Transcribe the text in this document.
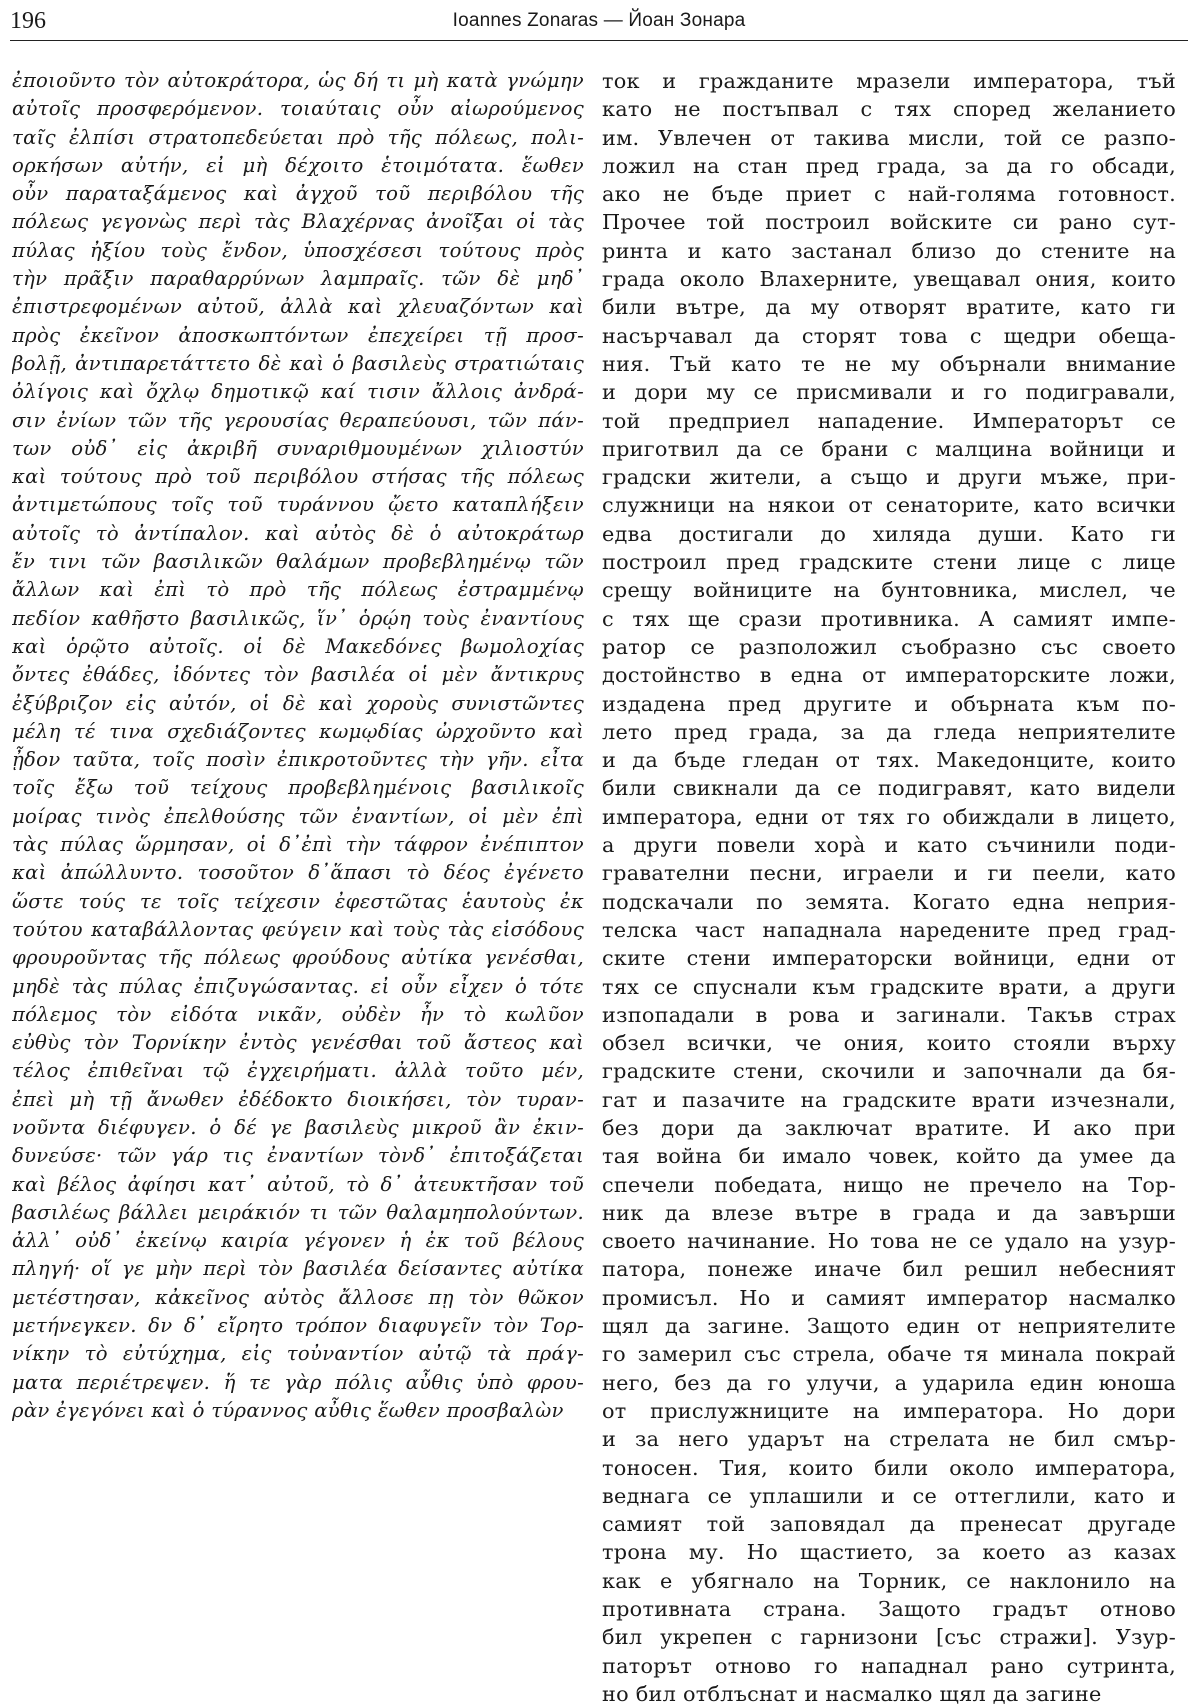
196	Ioannes Zonaras — Йоан Зонара
ἐποιοῦντο τὸν αὐτοκράτορα, ὡς δή τι μὴ κατὰ γνώμην
αὐτοῖς προσφερόμενον. τοιαύταις οὖν αἰωρούμενος
ταῖς ἐλπίσι στρατοπεδεύεται πρὸ τῆς πόλεως, πολι-
ορκήσων αὐτήν, εἰ μὴ δέχοιτο ἑτοιμότατα. ἕωθεν
οὖν παραταξάμενος καὶ ἀγχοῦ τοῦ περιβόλου τῆς
πόλεως γεγονὼς περὶ τὰς Βλαχέρνας ἀνοῖξαι οἱ τὰς
πύλας ἠξίου τοὺς ἔνδον, ὑποσχέσεσι τούτους πρὸς
τὴν πρᾶξιν παραθαρρύνων λαμπραῖς. τῶν δὲ μηδ᾿
ἐπιστρεφομένων αὐτοῦ, ἀλλὰ καὶ χλευαζόντων καὶ
πρὸς ἐκεῖνον ἀποσκωπτόντων ἐπεχείρει τῇ προσ-
βολῇ, ἀντιπαρετάττετο δὲ καὶ ὁ βασιλεὺς στρατιώταις
ὀλίγοις καὶ ὄχλῳ δημοτικῷ καί τισιν ἄλλοις ἀνδρά-
σιν ἐνίων τῶν τῆς γερουσίας θεραπεύουσι, τῶν πάν-
των οὐδ᾿ εἰς ἀκριβῆ συναριθμουμένων χιλιοστύν
καὶ τούτους πρὸ τοῦ περιβόλου στήσας τῆς πόλεως
ἀντιμετώπους τοῖς τοῦ τυράννου ᾤετο καταπλήξειν
αὐτοῖς τὸ ἀντίπαλον. καὶ αὐτὸς δὲ ὁ αὐτοκράτωρ
ἔν τινι τῶν βασιλικῶν θαλάμων προβεβλημένῳ τῶν
ἄλλων καὶ ἐπὶ τὸ πρὸ τῆς πόλεως ἐστραμμένῳ
πεδίον καθῆστο βασιλικῶς, ἵν᾿ ὁρῴη τοὺς ἐναντίους
καὶ ὁρῷτο αὐτοῖς. οἱ δὲ Μακεδόνες βωμολοχίας
ὄντες ἐθάδες, ἰδόντες τὸν βασιλέα οἱ μὲν ἄντικρυς
ἐξύβριζον εἰς αὐτόν, οἱ δὲ καὶ χοροὺς συνιστῶντες
μέλη τέ τινα σχεδιάζοντες κωμῳδίας ὠρχοῦντο καὶ
ᾖδον ταῦτα, τοῖς ποσὶν ἐπικροτοῦντες τὴν γῆν. εἶτα
τοῖς ἔξω τοῦ τείχους προβεβλημένοις βασιλικοῖς
μοίρας τινὸς ἐπελθούσης τῶν ἐναντίων, οἱ μὲν ἐπὶ
τὰς πύλας ὥρμησαν, οἱ δ᾿ἐπὶ τὴν τάφρον ἐνέπιπτον
καὶ ἀπώλλυντο. τοσοῦτον δ᾿ἅπασι τὸ δέος ἐγένετο
ὥστε τούς τε τοῖς τείχεσιν ἐφεστῶτας ἑαυτοὺς ἐκ
τούτου καταβάλλοντας φεύγειν καὶ τοὺς τὰς εἰσόδους
φρουροῦντας τῆς πόλεως φρούδους αὐτίκα γενέσθαι,
μηδὲ τὰς πύλας ἐπιζυγώσαντας. εἰ οὖν εἶχεν ὁ τότε
πόλεμος τὸν εἰδότα νικᾶν, οὐδὲν ἦν τὸ κωλῦον
εὐθὺς τὸν Τορνίκην ἐντὸς γενέσθαι τοῦ ἄστεος καὶ
τέλος ἐπιθεῖναι τῷ ἐγχειρήματι. ἀλλὰ τοῦτο μέν,
ἐπεὶ μὴ τῇ ἄνωθεν ἐδέδοκτο διοικήσει, τὸν τυραν-
νοῦντα διέφυγεν. ὁ δέ γε βασιλεὺς μικροῦ ἂν ἐκιν-
δυνεύσε· τῶν γάρ τις ἐναντίων τὸνδ᾿ ἐπιτοξάζεται
καὶ βέλος ἀφίησι κατ᾿ αὐτοῦ, τὸ δ᾿ ἀτευκτῆσαν τοῦ
βασιλέως βάλλει μειράκιόν τι τῶν θαλαμηπολούντων.
ἀλλ᾿ οὐδ᾿ ἐκείνῳ καιρία γέγονεν ἡ ἐκ τοῦ βέλους
πληγή· οἵ γε μὴν περὶ τὸν βασιλέα δείσαντες αὐτίκα
μετέστησαν, κἀκεῖνος αὐτὸς ἄλλοσε πῃ τὸν θῶκον
μετήνεγκεν. δν δ᾿ εἴρητο τρόπον διαφυγεῖν τὸν Τορ-
νίκην τὸ εὐτύχημα, εἰς τοὐναντίον αὐτῷ τὰ πράγ-
ματα περιέτρεψεν. ἥ τε γὰρ πόλις αὖθις ὑπὸ φρου-
ρὰν ἐγεγόνει καὶ ὁ τύραννος αὖθις ἕωθεν προσβαλὼν
ток и гражданите мразели императора, тъй
като не постъпвал с тях според желанието
им. Увлечен от такива мисли, той се разпо-
ложил на стан пред града, за да го обсади,
ако не бъде приет с най-голяма готовност.
Прочее той построил войските си рано сут-
ринта и като застанал близо до стените на
града около Влахерните, увещавал ония, които
били вътре, да му отворят вратите, като ги
насърчавал да сторят това с щедри обеща-
ния. Тъй като те не му обърнали внимание
и дори му се присмивали и го подигравали,
той предприел нападение. Императорът се
приготвил да се брани с малцина войници и
градски жители, а също и други мъже, при-
служници на някои от сенаторите, като всички
едва достигали до хиляда души. Като ги
построил пред градските стени лице с лице
срещу войниците на бунтовника, мислел, че
с тях ще срази противника. А самият импе-
ратор се разположил съобразно със своето
достойнство в една от императорските ложи,
издадена пред другите и обърната към по-
лето пред града, за да гледа неприятелите
и да бъде гледан от тях. Македонците, които
били свикнали да се подигравят, като видели
императора, едни от тях го обиждали в лицето,
а други повели хорà и като съчинили поди-
гравателни песни, играели и ги пеели, като
подскачали по земята. Когато една неприя-
телска част нападнала наредените пред град-
ските стени императорски войници, едни от
тях се спуснали към градските врати, а други
изпопадали в рова и загинали. Такъв страх
обзел всички, че ония, които стояли върху
градските стени, скочили и започнали да бя-
гат и пазачите на градските врати изчезнали,
без дори да заключат вратите. И ако при
тая война би имало човек, който да умее да
спечели победата, нищо не пречело на Тор-
ник да влезе вътре в града и да завърши
своето начинание. Но това не се удало на узур-
патора, понеже иначе бил решил небесният
промисъл. Но и самият император насмалко
щял да загине. Защото един от неприятелите
го замерил със стрела, обаче тя минала покрай
него, без да го улучи, а ударила един юноша
от прислужниците на императора. Но дори
и за него ударът на стрелата не бил смър-
тоносен. Тия, които били около императора,
веднага се уплашили и се оттеглили, като и
самият той заповядал да пренесат другаде
трона му. Но щастието, за което аз казах
как е убягнало на Торник, се наклонило на
противната страна. Защото градът отново
бил укрепен с гарнизони [със стражи]. Узур-
паторът отново го нападнал рано сутринта,
но бил отблъснат и насмалко щял да загине
